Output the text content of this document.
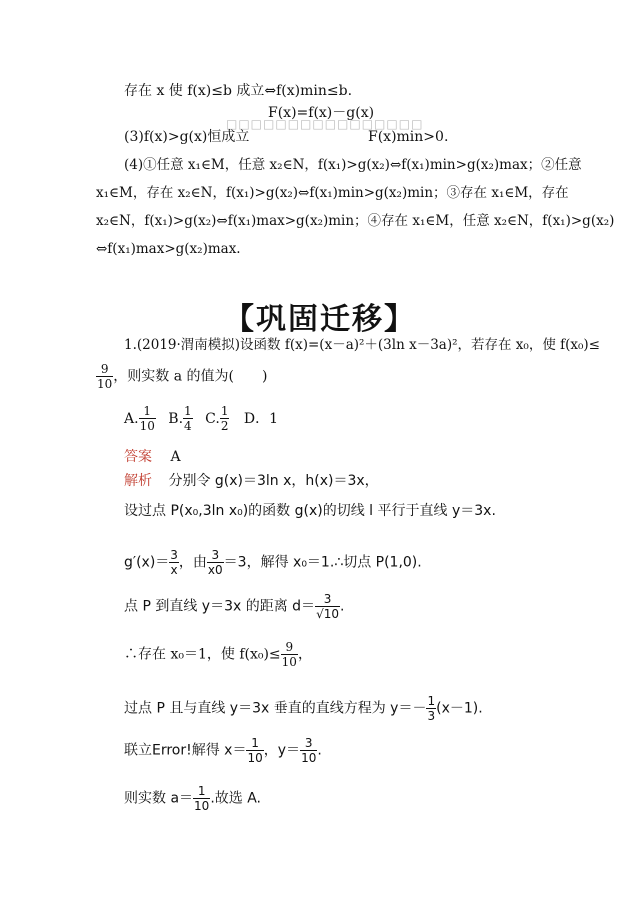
存在 x 使 f(x)≤b 成立⇔f(x)min≤b.
F(x)=f(x)－g(x)
□□□□□□□□□□□□□□□□
(3)f(x)>g(x)恒成立	F(x)min>0.
(4)①任意 x₁∈M，任意 x₂∈N，f(x₁)>g(x₂)⇔f(x₁)min>g(x₂)max；②任意
x₁∈M，存在 x₂∈N，f(x₁)>g(x₂)⇔f(x₁)min>g(x₂)min；③存在 x₁∈M，存在
x₂∈N，f(x₁)>g(x₂)⇔f(x₁)max>g(x₂)min；④存在 x₁∈M，任意 x₂∈N，f(x₁)>g(x₂)
⇔f(x₁)max>g(x₂)max.
【巩固迁移】
1.(2019·渭南模拟)设函数 f(x)=(x－a)²＋(3ln x－3a)²，若存在 x₀，使 f(x₀)≤
$\frac{9}{10}$ ，则实数 a 的值为(　　)
A. $\frac{1}{10} B$. $\frac{1}{4} C$. $\frac{1}{2}$ D．1
答案 A
解析 分别令 g(x)＝3ln x，h(x)＝3x，
设过点 P(x₀,3ln x₀)的函数 g(x)的切线 l 平行于直线 y＝3x.
$g'(x)= \frac{3}{x}$ ，由 $\frac{3}{x0} =3$，解得 x₀＝1.∴切点 P(1,0).
点 P 到直线 y＝3x 的距离 $d= \frac{3}{√10}$ .
∴存在 x₀＝1，使 $f(x_0)\le \frac{9}{10}$ ，
过点 P 且与直线 y＝3x 垂直的直线方程为 $y=- \frac{1}{3} (x-1)$.
联立Error!解得 $x= \frac{1}{10}$ ，$y= \frac{3}{10}$ .
则实数 $a= \frac{1}{10}$ .故选 A.
